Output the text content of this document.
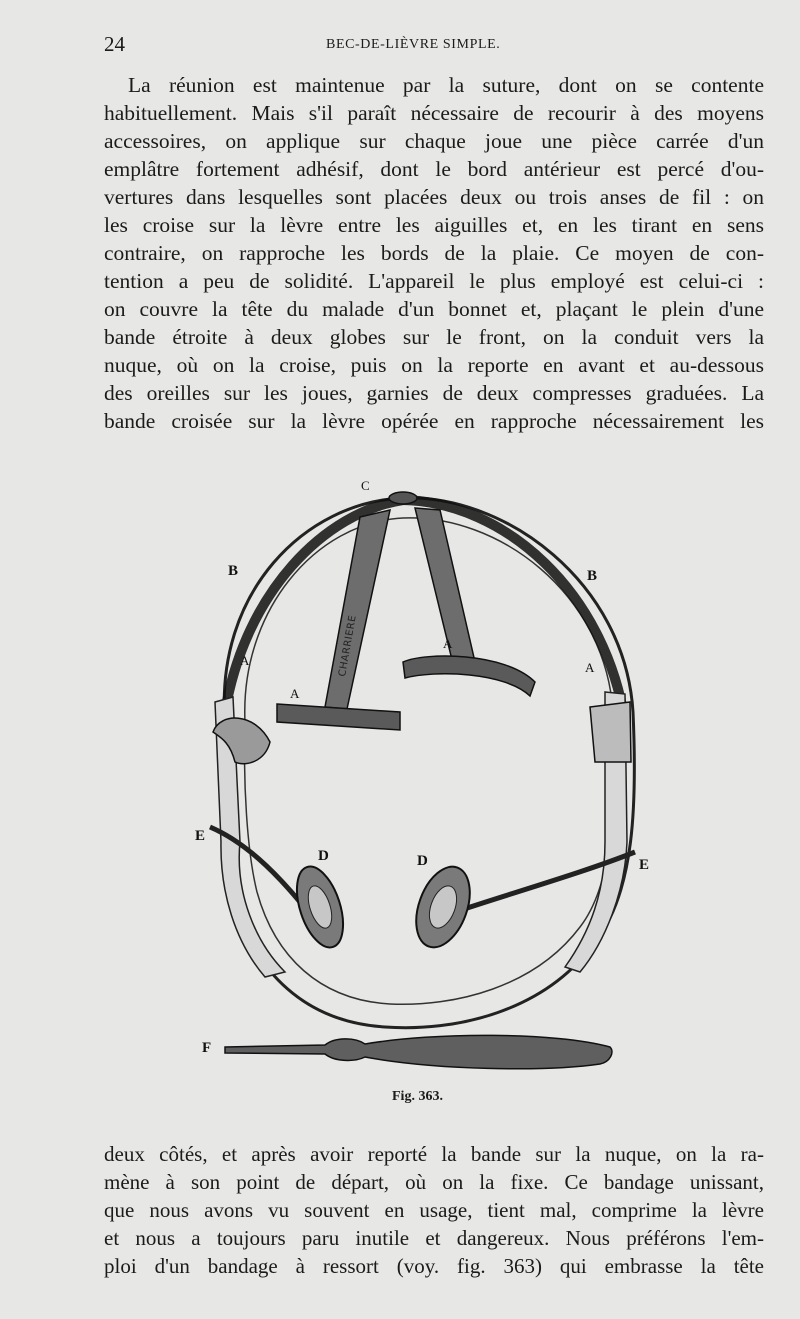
24	BEC-DE-LIÈVRE SIMPLE.

La réunion est maintenue par la suture, dont on se contente
habituellement. Mais s'il paraît nécessaire de recourir à des moyens
accessoires, on applique sur chaque joue une pièce carrée d'un
emplâtre fortement adhésif, dont le bord antérieur est percé d'ou-
vertures dans lesquelles sont placées deux ou trois anses de fil : on
les croise sur la lèvre entre les aiguilles et, en les tirant en sens
contraire, on rapproche les bords de la plaie. Ce moyen de con-
tention a peu de solidité. L'appareil le plus employé est celui-ci :
on couvre la tête du malade d'un bonnet et, plaçant le plein d'une
bande étroite à deux globes sur le front, on la conduit vers la
nuque, où on la croise, puis on la reporte en avant et au-dessous
des oreilles sur les joues, garnies de deux compresses graduées. La
bande croisée sur la lèvre opérée en rapproche nécessairement les

CHARRIERE
C
B	B
A
A
A
A
E
E
D	D
F
Fig. 363.

deux côtés, et après avoir reporté la bande sur la nuque, on la ra-
mène à son point de départ, où on la fixe. Ce bandage unissant,
que nous avons vu souvent en usage, tient mal, comprime la lèvre
et nous a toujours paru inutile et dangereux. Nous préférons l'em-
ploi d'un bandage à ressort (voy. fig. 363) qui embrasse la tête
